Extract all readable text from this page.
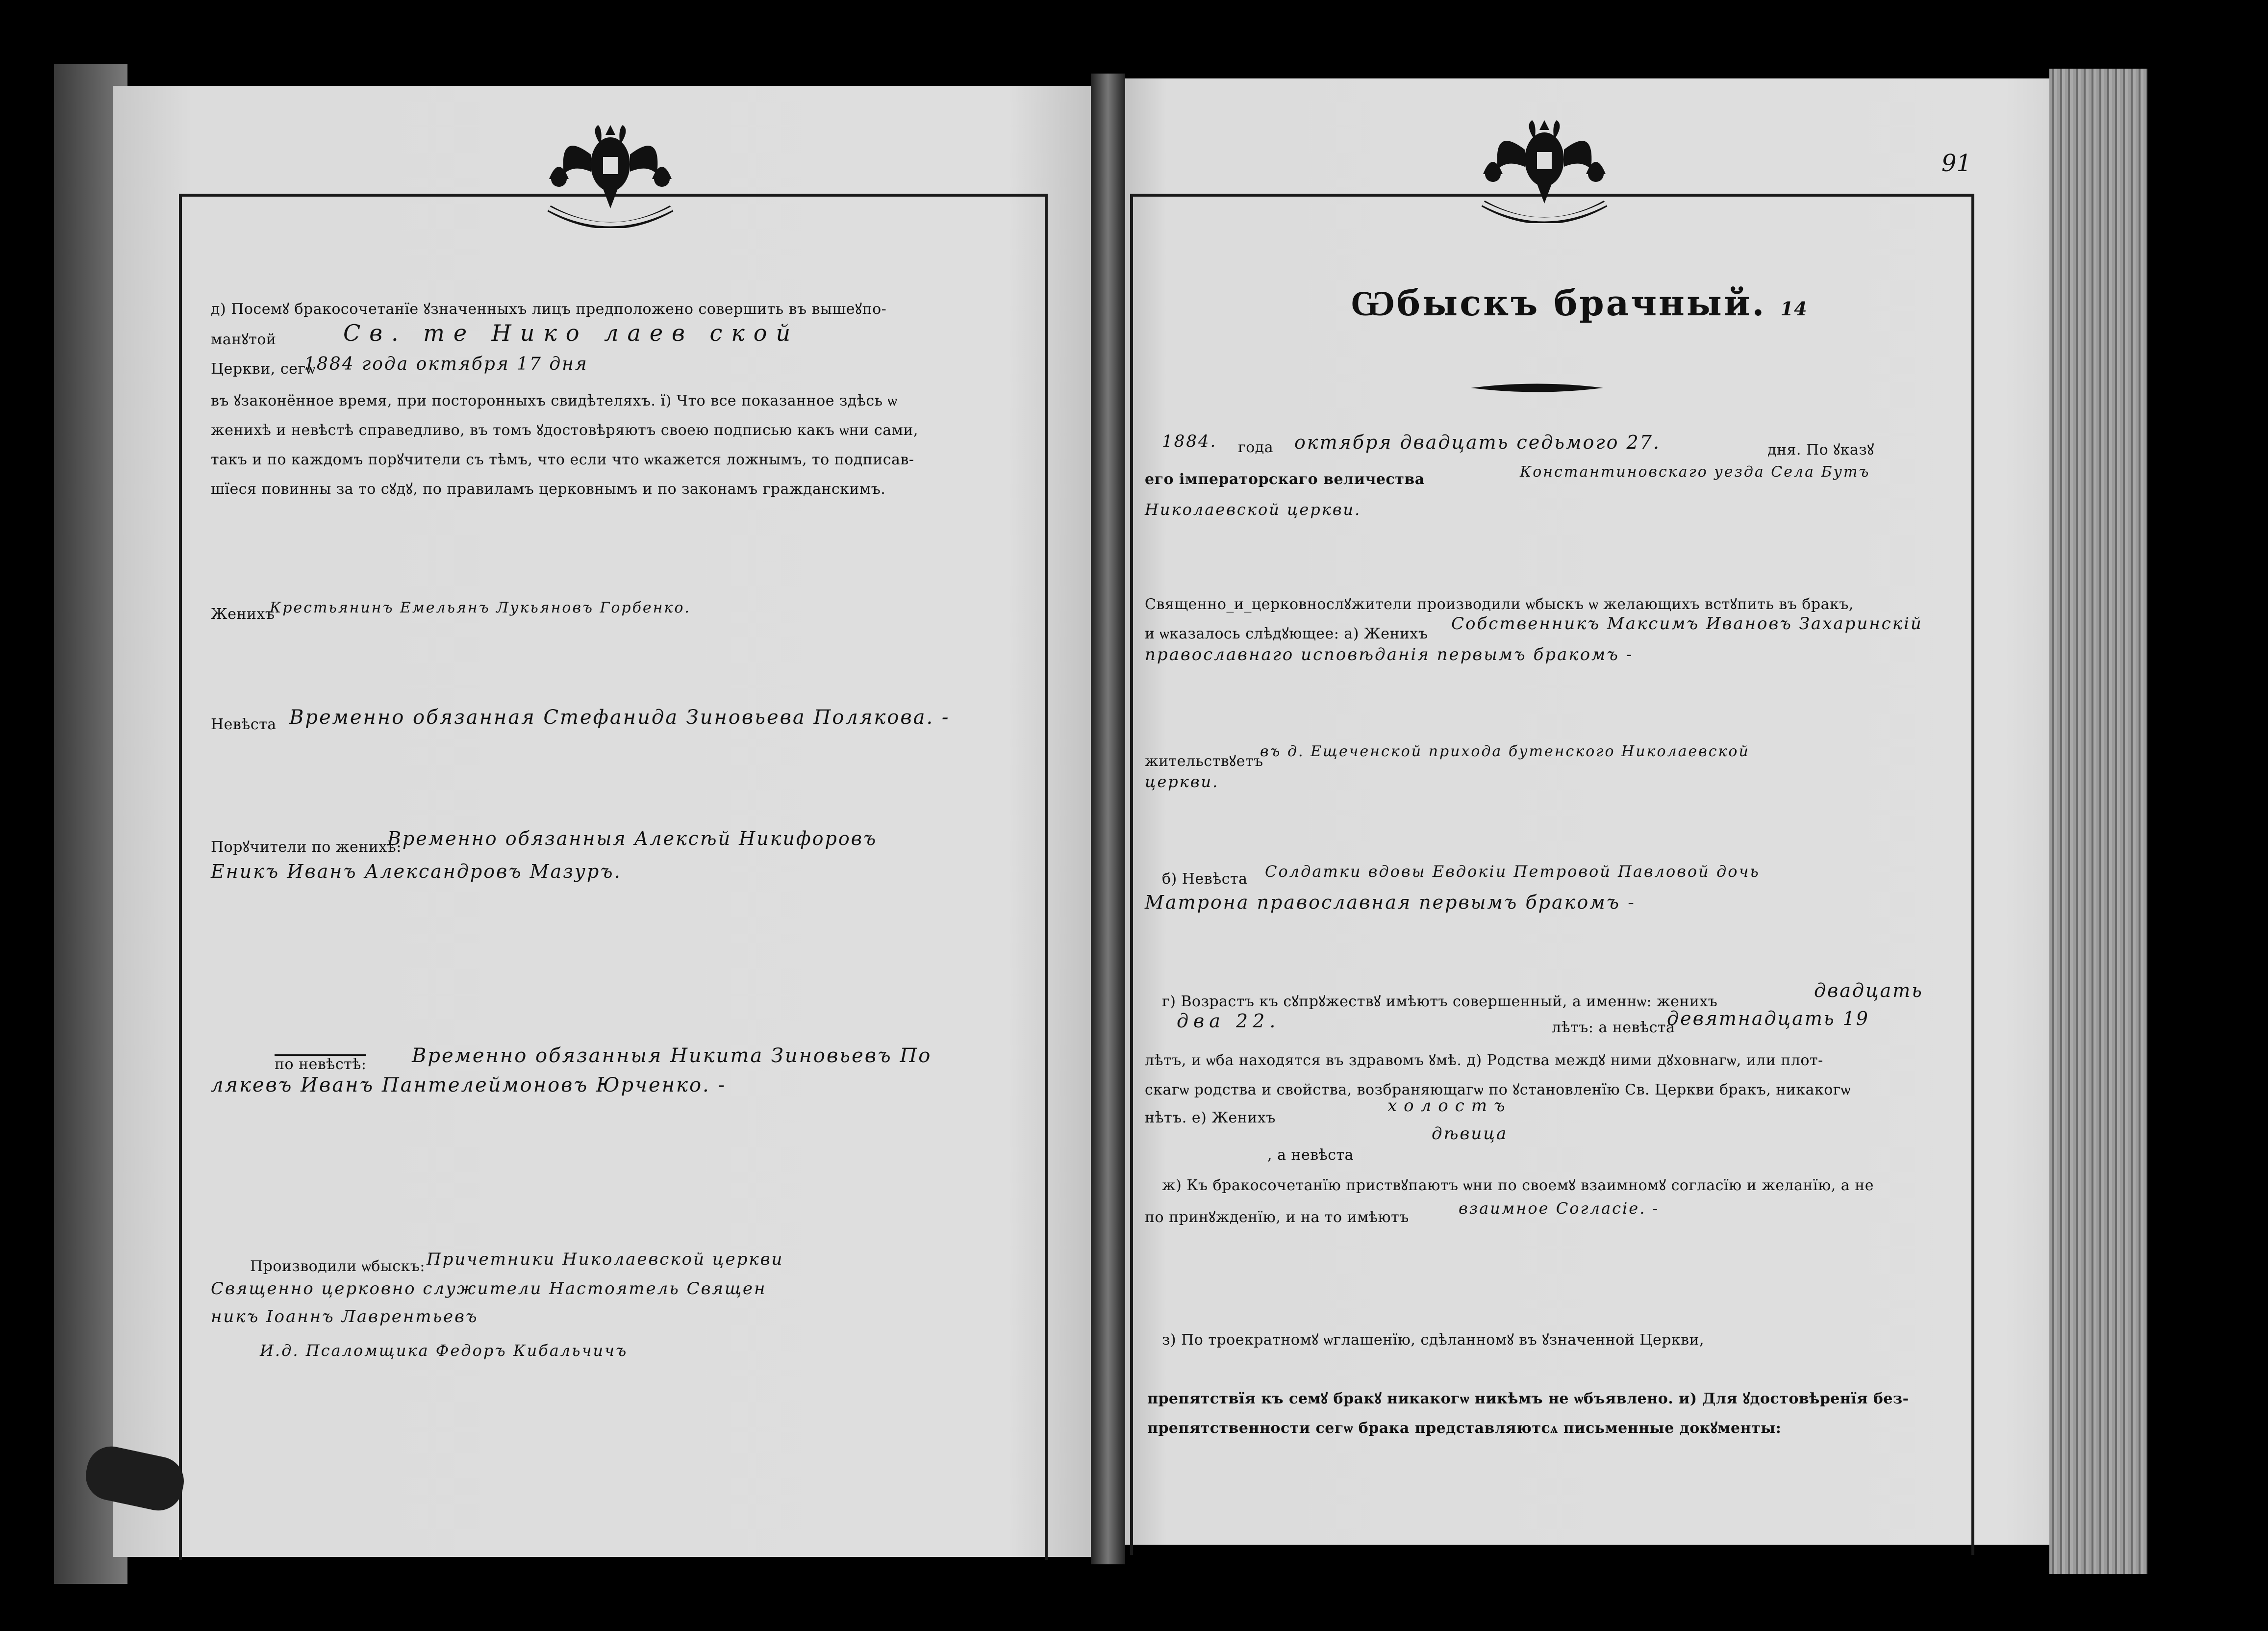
д) Посемꙋ бракосочетанїе ꙋзначенныхъ лицъ предположено совершить въ вышеꙋпо-
манꙋтой	Св. те Нико лаев ской
Церкви, сегѡ
1884 года октября 17 дня
въ ꙋзаконённое время, при посторонныхъ свидѣтеляхъ. ї) Что все показанное здѣсь ѡ
женихѣ и невѣстѣ справедливо, въ томъ ꙋдостовѣряютъ своею подписью какъ ѡни сами,
такъ и по каждомъ порꙋчители съ тѣмъ, что если что ѡкажется ложнымъ, то подписав-
шїеся повинны за то сꙋдꙋ, по правиламъ церковнымъ и по законамъ гражданскимъ.
Женихъ
Крестьянинъ Емельянъ Лукьяновъ Горбенко.
Невѣста Временно обязанная Стефанида Зиновьева Полякова. -
Порꙋчители по женихѣ:
Временно обязанныя Алексѣй Никифоровъ
Еникъ Иванъ Александровъ Мазуръ.
по невѣстѣ: Временно обязанныя Никита Зиновьевъ По
лякевъ Иванъ Пантелеймоновъ Юрченко. -
Производили ѡбыскъ: Причетники Николаевской церкви
Священно церковно служители Настоятель Священ
никъ Іоаннъ Лаврентьевъ
И.д. Псаломщика Федоръ Кибальчичъ
91
Ѡбыскъ брачный. 14
1884. года октября двадцать седьмого 27.	дня. По ꙋказꙋ
его імператорскаго величества	Константиновскаго уезда Села Бутъ
Николаевской церкви.
Священно_и_церковнослꙋжители производили ѡбыскъ ѡ желающихъ встꙋпить въ бракъ,
и ѡказалось слѣдꙋющее: а) Женихъ
Собственникъ Максимъ Ивановъ Захаринскій
православнаго исповѣданія первымъ бракомъ -
жительствꙋетъ
въ д. Ещеченской прихода бутенского Николаевской
церкви.
б) Невѣста Солдатки вдовы Евдокіи Петровой Павловой дочь
Матрона православная первымъ бракомъ -
г) Возрастъ къ сꙋпрꙋжествꙋ имѣютъ совершенный, а именнѡ: женихъ
двадцать
два 22.	лѣтъ: а невѣста
девятнадцать 19
лѣтъ, и ѡба находятся въ здравомъ ꙋмѣ. д) Родства междꙋ ними дꙋховнагѡ, или плот-
скагѡ родства и свойства, возбраняющагѡ по ꙋстановленїю Св. Церкви бракъ, никакогѡ
нѣтъ. е) Женихъ
холостъ
, а невѣста
дѣвица
ж) Къ бракосочетанїю приствꙋпаютъ ѡни по своемꙋ взаимномꙋ согласїю и желанїю, а не
по принꙋжденїю, и на то имѣютъ	взаимное Согласіе. -
з) По троекратномꙋ ѡглашенїю, сдѣланномꙋ въ ꙋзначенной Церкви,
препятствїя къ семꙋ бракꙋ никакогѡ никѣмъ не ѡбъявлено. и) Для ꙋдостовѣренїя без-
препятственности сегѡ брака представляютсѧ письменные докꙋменты:
